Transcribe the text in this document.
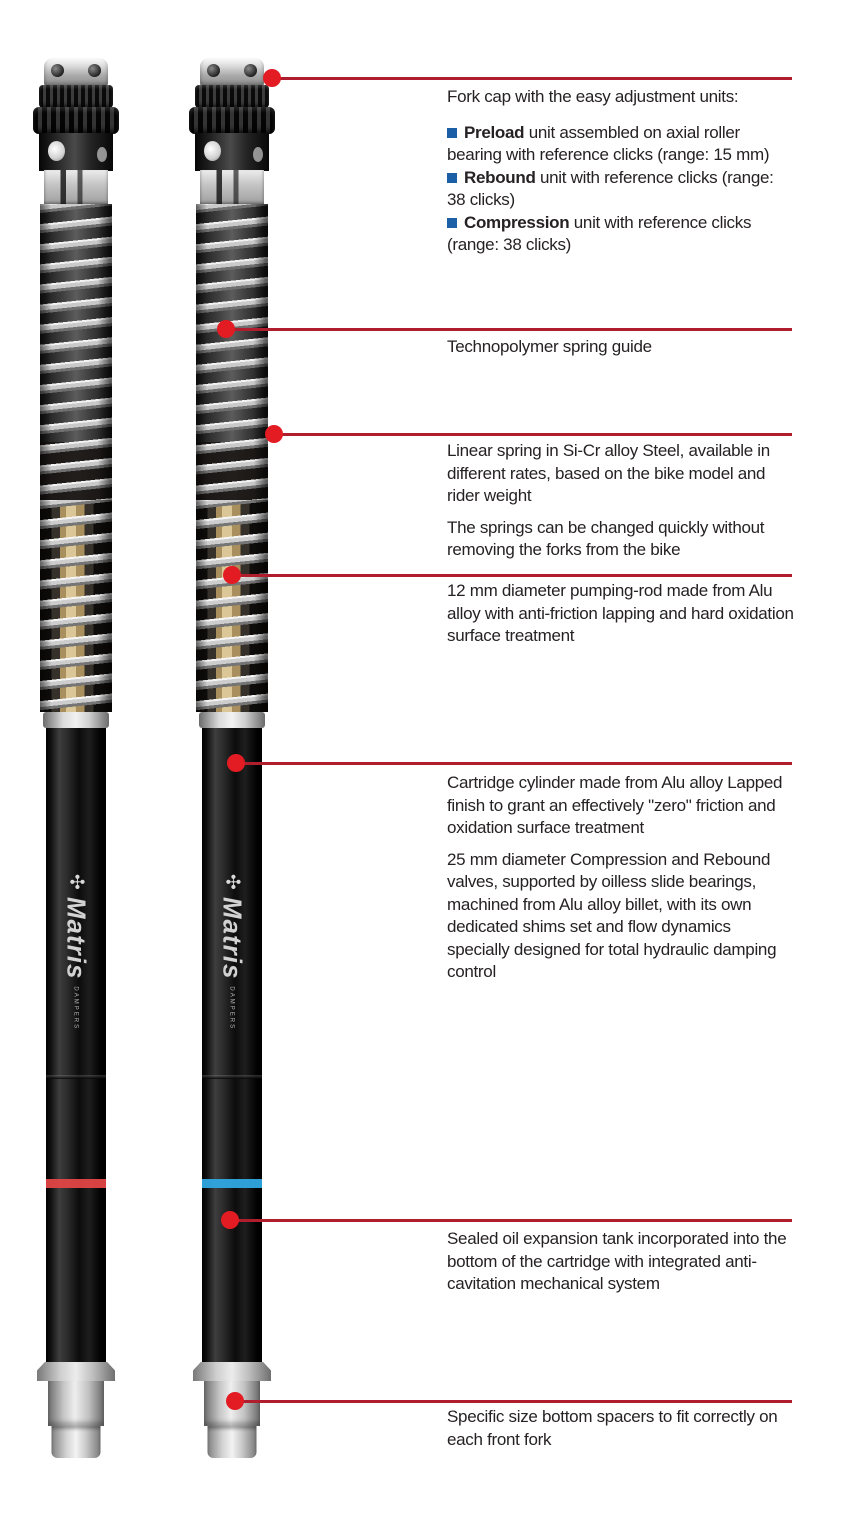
✣
Matris
DAMPERS
✣
Matris
DAMPERS

Fork cap with the easy adjustment units:

Preload unit assembled on axial roller bearing with reference clicks (range: 15 mm)

Rebound unit with reference clicks (range: 38 clicks)

Compression unit with reference clicks (range: 38 clicks)

Technopolymer spring guide

Linear spring in Si-Cr alloy Steel, available in different rates, based on the bike model and rider weight

The springs can be changed quickly without removing the forks from the bike

12 mm diameter pumping-rod made from Alu alloy with anti-friction lapping and hard oxidation surface treatment

Cartridge cylinder made from Alu alloy Lapped finish to grant an effectively "zero" friction and oxidation surface treatment

25 mm diameter Compression and Rebound valves, supported by oilless slide bearings, machined from Alu alloy billet, with its own dedicated shims set and flow dynamics specially designed for total hydraulic damping control

Sealed oil expansion tank incorporated into the bottom of the cartridge with integrated anti-cavitation mechanical system

Specific size bottom spacers to fit correctly on each front fork
